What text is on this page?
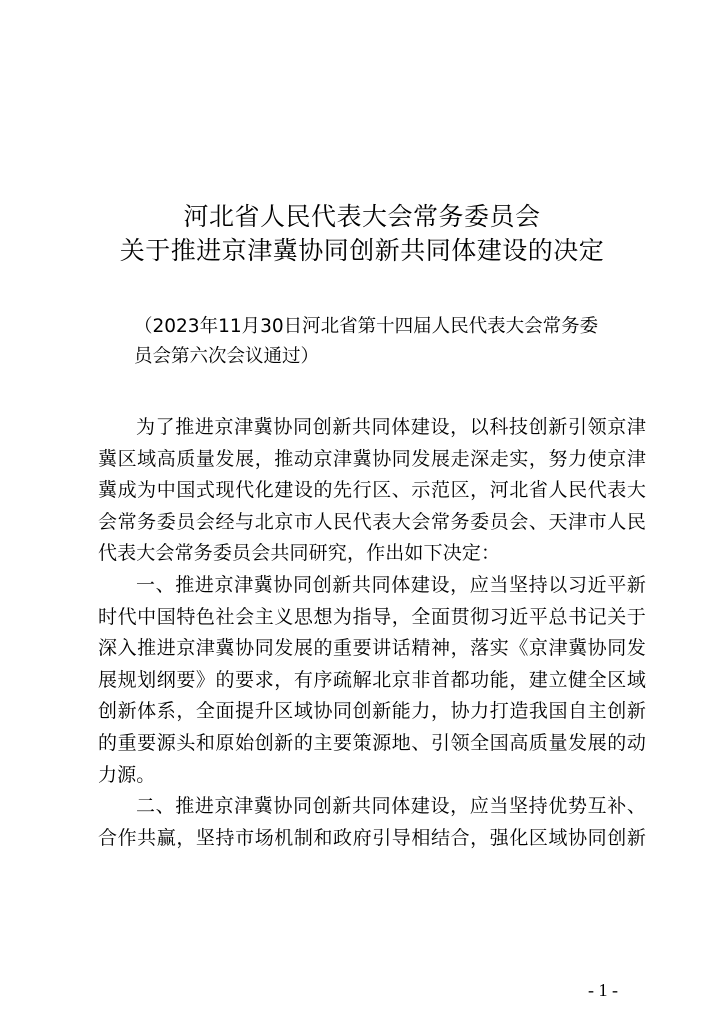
河北省人民代表大会常务委员会
关于推进京津冀协同创新共同体建设的决定
（2023年11月30日河北省第十四届人民代表大会常务委
员会第六次会议通过）
为了推进京津冀协同创新共同体建设，以科技创新引领京津
冀区域高质量发展，推动京津冀协同发展走深走实，努力使京津
冀成为中国式现代化建设的先行区、示范区，河北省人民代表大
会常务委员会经与北京市人民代表大会常务委员会、天津市人民
代表大会常务委员会共同研究，作出如下决定：
一、推进京津冀协同创新共同体建设，应当坚持以习近平新
时代中国特色社会主义思想为指导，全面贯彻习近平总书记关于
深入推进京津冀协同发展的重要讲话精神，落实《京津冀协同发
展规划纲要》的要求，有序疏解北京非首都功能，建立健全区域
创新体系，全面提升区域协同创新能力，协力打造我国自主创新
的重要源头和原始创新的主要策源地、引领全国高质量发展的动
力源。
二、推进京津冀协同创新共同体建设，应当坚持优势互补、
合作共赢，坚持市场机制和政府引导相结合，强化区域协同创新
- 1 -
